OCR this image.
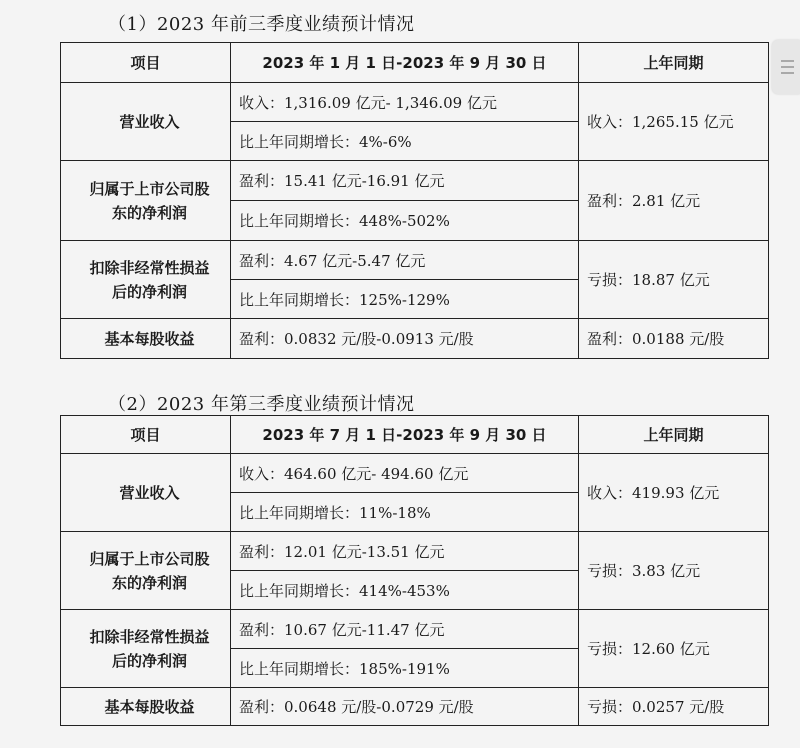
（1）2023 年前三季度业绩预计情况
项目	2023 年 1 月 1 日-2023 年 9 月 30 日	上年同期

营业收入	收入：1,316.09 亿元- 1,346.09 亿元	收入：1,265.15 亿元
	比上年同期增长：4%-6%	

归属于上市公司股
东的净利润	盈利：15.41 亿元-16.91 亿元	盈利：2.81 亿元
	比上年同期增长：448%-502%	

扣除非经常性损益
后的净利润	盈利：4.67 亿元-5.47 亿元	亏损：18.87 亿元
	比上年同期增长：125%-129%	

基本每股收益	盈利：0.0832 元/股-0.0913 元/股	盈利：0.0188 元/股
（2）2023 年第三季度业绩预计情况
项目	2023 年 7 月 1 日-2023 年 9 月 30 日	上年同期

营业收入	收入：464.60 亿元- 494.60 亿元	收入：419.93 亿元
	比上年同期增长：11%-18%	

归属于上市公司股
东的净利润	盈利：12.01 亿元-13.51 亿元	亏损：3.83 亿元
	比上年同期增长：414%-453%	

扣除非经常性损益
后的净利润	盈利：10.67 亿元-11.47 亿元	亏损：12.60 亿元
	比上年同期增长：185%-191%	

基本每股收益	盈利：0.0648 元/股-0.0729 元/股	亏损：0.0257 元/股
